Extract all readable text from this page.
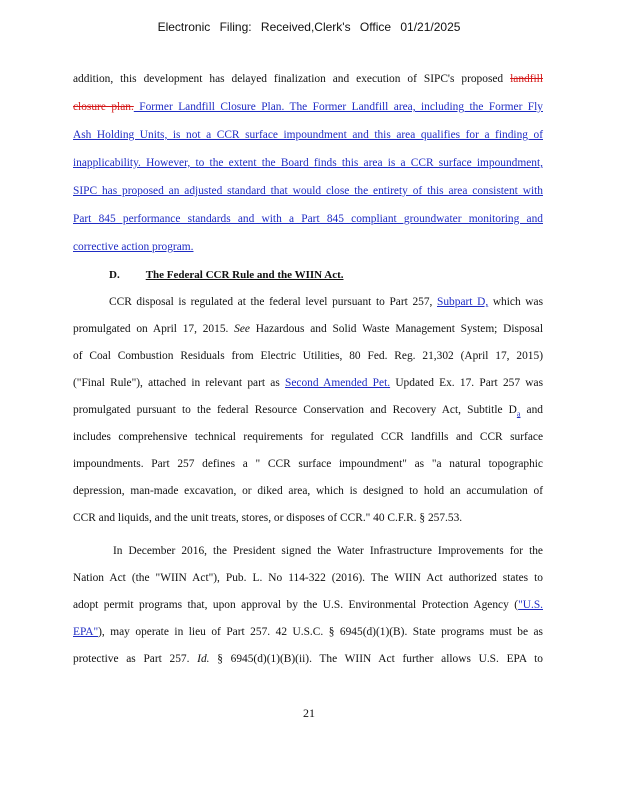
Electronic Filing: Received,Clerk's Office 01/21/2025
addition, this development has delayed finalization and execution of SIPC's proposed landfill
closure plan. Former Landfill Closure Plan. The Former Landfill area, including the Former Fly
Ash Holding Units, is not a CCR surface impoundment and this area qualifies for a finding of
inapplicability. However, to the extent the Board finds this area is a CCR surface impoundment,
SIPC has proposed an adjusted standard that would close the entirety of this area consistent with
Part 845 performance standards and with a Part 845 compliant groundwater monitoring and
corrective action program.
D. The Federal CCR Rule and the WIIN Act.
CCR disposal is regulated at the federal level pursuant to Part 257, Subpart D, which was
promulgated on April 17, 2015. See Hazardous and Solid Waste Management System; Disposal
of Coal Combustion Residuals from Electric Utilities, 80 Fed. Reg. 21,302 (April 17, 2015)
("Final Rule"), attached in relevant part as Second Amended Pet. Updated Ex. 17. Part 257 was
promulgated pursuant to the federal Resource Conservation and Recovery Act, Subtitle $D_a$ and
includes comprehensive technical requirements for regulated CCR landfills and CCR surface
impoundments. Part 257 defines a " CCR surface impoundment" as "a natural topographic
depression, man-made excavation, or diked area, which is designed to hold an accumulation of
CCR and liquids, and the unit treats, stores, or disposes of CCR." 40 C.F.R. § 257.53.
In December 2016, the President signed the Water Infrastructure Improvements for the
Nation Act (the "WIIN Act"), Pub. L. No 114-322 (2016). The WIIN Act authorized states to
adopt permit programs that, upon approval by the U.S. Environmental Protection Agency ("U.S.
EPA"), may operate in lieu of Part 257. 42 U.S.C. § 6945(d)(1)(B). State programs must be as
protective as Part 257. Id. § 6945(d)(1)(B)(ii). The WIIN Act further allows U.S. EPA to
21
